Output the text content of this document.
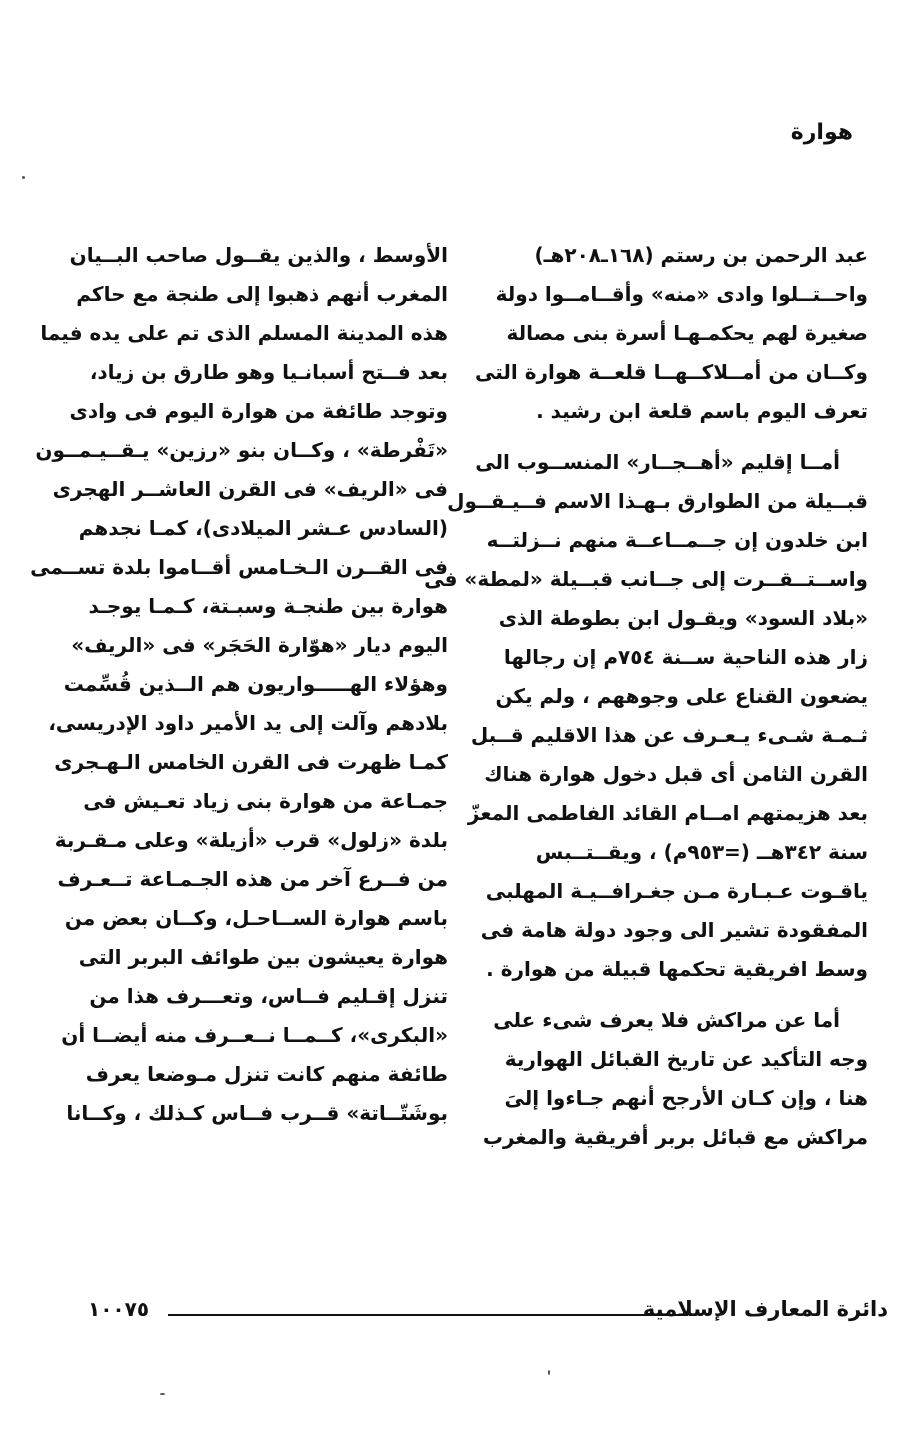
هوارة
عبد الرحمن بن رستم (١٦٨ـ٢٠٨هـ)
واحــتــلوا وادى «منه» وأقــامــوا دولة
صغيرة لهم يحكمـهـا أسرة بنى مصالة
وكــان من أمــلاكــهــا قلعــة هوارة التى
تعرف اليوم باسم قلعة ابن رشيد .
أمــا إقليم «أهــجــار» المنســوب الى
قبــيلة من الطوارق بـهـذا الاسم فــيـقــول
ابن خلدون إن جــمــاعــة منهم نــزلتــه
واســتــقــرت إلى جــانب قبــيلة «لمطة» فى
«بلاد السود» ويقـول ابن بطوطة الذى
زار هذه الناحية ســنة ٧٥٤م إن رجالها
يضعون القناع على وجوههم ، ولم يكن
ثـمـة شـىء يـعـرف عن هذا الاقليم قــبل
القرن الثامن أى قبل دخول هوارة هناك
بعد هزيمتهم امــام القائد الفاطمى المعزّ
سنة ٣٤٢هــ (=٩٥٣م) ، ويقــتــبس
ياقـوت عـبـارة مـن جغـرافــيـة المهلبى
المفقودة تشير الى وجود دولة هامة فى
وسط افريقية تحكمها قبيلة من هوارة .
أما عن مراكش فلا يعرف شىء على
وجه التأكيد عن تاريخ القبائل الهوارية
هنا ، وإن كـان الأرجح أنهم جـاءوا إلىَ
مراكش مع قبائل بربر أفريقية والمغرب
الأوسط ، والذين يقــول صاحب البــيان
المغرب أنهم ذهبوا إلى طنجة مع حاكم
هذه المدينة المسلم الذى تم على يده فيما
بعد فــتح أسبانـيا وهو طارق بن زياد،
وتوجد طائفة من هوارة اليوم فى وادى
«تَفْرطة» ، وكــان بنو «رزين» يـقــيـمــون
فى «الريف» فى القرن العاشــر الهجرى
(السادس عـشر الميلادى)، كمـا نجدهم
فى القــرن الـخـامس أقــاموا بلدة تســمى
هوارة بين طنجـة وسبـتة، كـمـا يوجـد
اليوم ديار «هوّارة الحَجَر» فى «الريف»
وهؤلاء الهـــــواريون هم الــذين قُسِّمت
بلادهم وآلت إلى يد الأمير داود الإدريسى،
كمـا ظهرت فى القرن الخامس الـهـجرى
جمـاعة من هوارة بنى زياد تعـيش فى
بلدة «زلول» قرب «أزيلة» وعلى مـقـربة
من فــرع آخر من هذه الجـمـاعة تــعـرف
باسم هوارة الســاحـل، وكــان بعض من
هوارة يعيشون بين طوائف البربر التى
تنزل إقـليم فــاس، وتعـــرف هذا من
«البكرى»، كــمــا نــعــرف منه أيضــا أن
طائفة منهم كانت تنزل مـوضعا يعرف
بوشَتّــاتة» قــرب فــاس كـذلك ، وكــانا
دائرة المعارف الإسلامية
١٠٠٧٥
